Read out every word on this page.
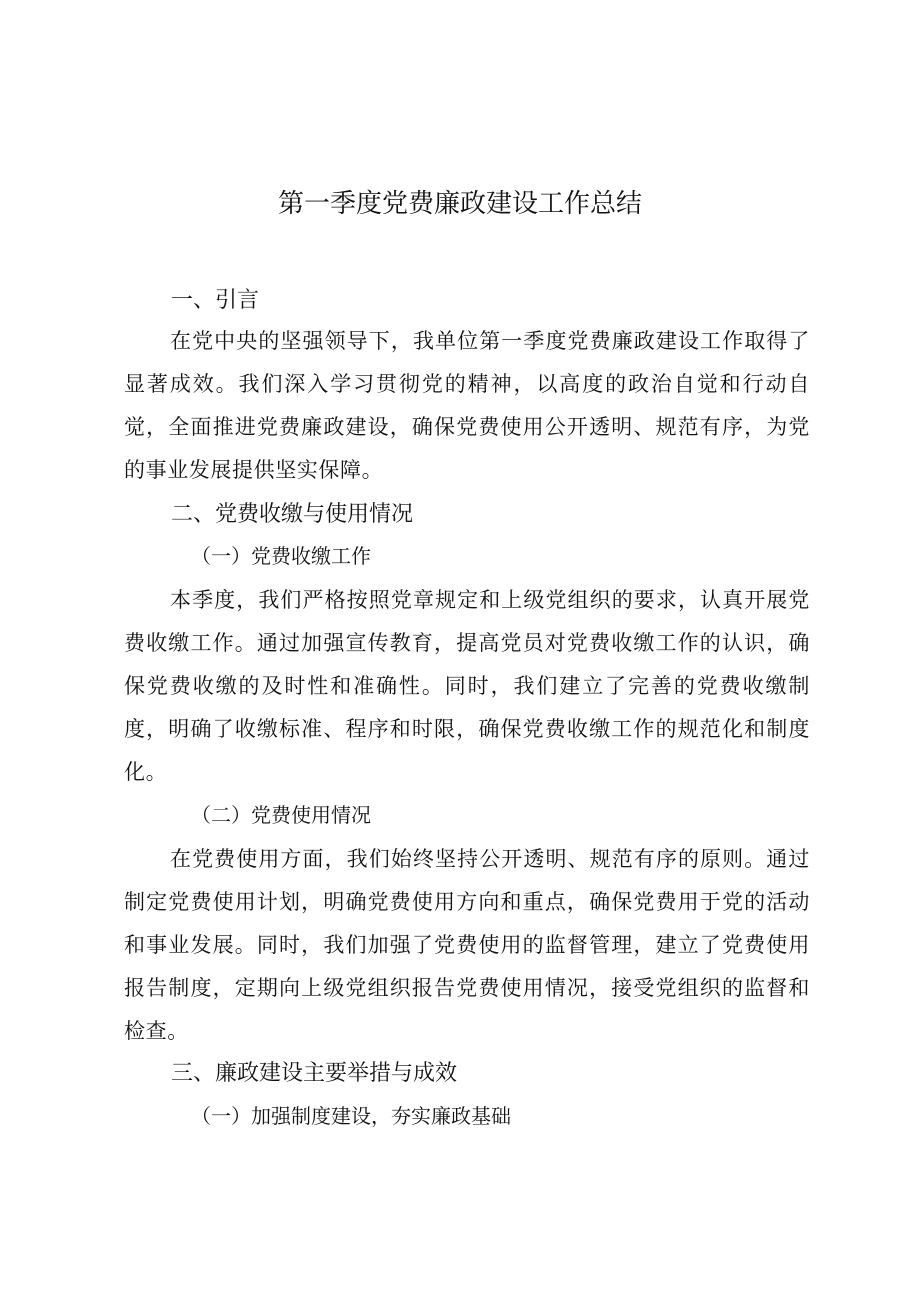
第一季度党费廉政建设工作总结
一、引言
在党中央的坚强领导下，我单位第一季度党费廉政建设工作取得了显著成效。我们深入学习贯彻党的精神，以高度的政治自觉和行动自觉，全面推进党费廉政建设，确保党费使用公开透明、规范有序，为党的事业发展提供坚实保障。
二、党费收缴与使用情况
（一）党费收缴工作
本季度，我们严格按照党章规定和上级党组织的要求，认真开展党费收缴工作。通过加强宣传教育，提高党员对党费收缴工作的认识，确保党费收缴的及时性和准确性。同时，我们建立了完善的党费收缴制度，明确了收缴标准、程序和时限，确保党费收缴工作的规范化和制度化。
（二）党费使用情况
在党费使用方面，我们始终坚持公开透明、规范有序的原则。通过制定党费使用计划，明确党费使用方向和重点，确保党费用于党的活动和事业发展。同时，我们加强了党费使用的监督管理，建立了党费使用报告制度，定期向上级党组织报告党费使用情况，接受党组织的监督和检查。
三、廉政建设主要举措与成效
（一）加强制度建设，夯实廉政基础
